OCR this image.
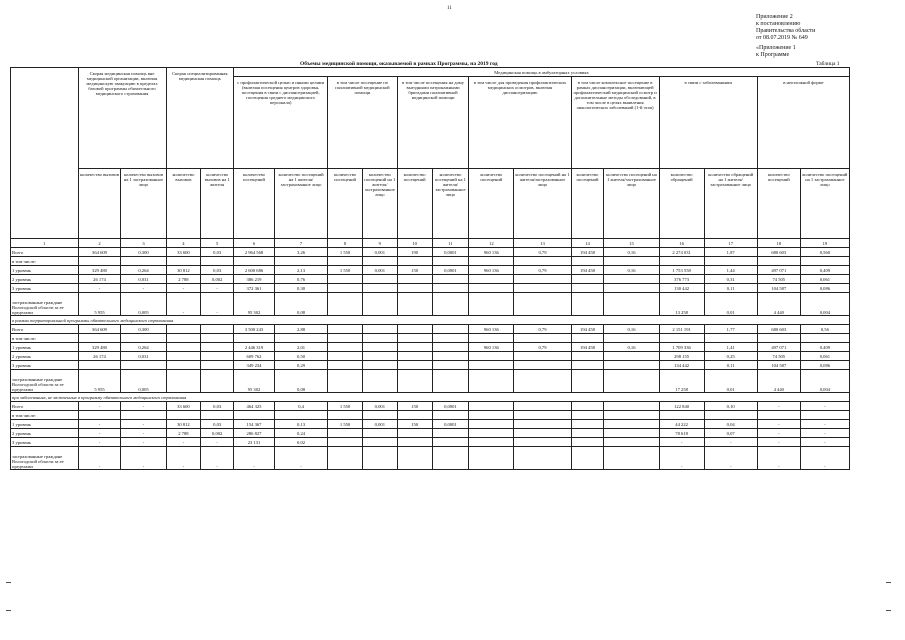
11
Приложение 2
к постановлению
Правительства области
от 08.07.2019 № 649
«Приложение 1
к Программе
Объемы медицинской помощи, оказываемой в рамках Программы, на 2019 год	Таблица 1
	Скорая медицинская помощь вне медицинской организации, включая медицинскую эвакуацию в пределах базовой программы обязательного медицинского страхования		Скорая специализированная медицинская помощь		Медицинская помощь в амбулаторных условиях													
					с профилактической целью и иными целями (включая посещения центров здоровья, посещения в связи с диспансеризацией, посещения среднего медицинского персонала)		в том числе посещение по паллиативной медицинской помощи		в том числе посещения на дому выездными патронажными бригадами паллиативной медицинской помощи		в том числе для проведения профилактических медицинских осмотров, включая диспансеризацию		в том числе комплексное посещение в рамках диспансеризации, включающей профилактический медицинский осмотр и дополнительные методы обследований, в том числе в целях выявления онкологических заболеваний (1-й этап)		в связи с заболеваниями		в неотложной форме	
	количество вызовов	количество вызовов на 1 застрахованное лицо	количество вызовов	количество вызовов на 1 жителя	количество посещений	количество посещений на 1 жителя/застрахованное лицо	количество посещений	количество посещений на 1 жителя/застрахованное лицо	количество посещений	количество посещений на 1 жителя/застрахованное лицо	количество посещений	количество посещений на 1 жителя/застрахованное лицо	количество посещений	количество посещений на 1 жителя/застрахованное лицо	количество обращений	количество обращений на 1 жителя/застрахованное лицо	количество посещений	количество посещений на 1 застрахованное лицо
1	2	3	4	5	6	7	8	9	10	11	12	13	14	15	16	17	18	19
Всего	364 609	0,300	33 600	0,03	2 964 568	3,26	1 550	0,001	190	0,0001	960 136	0,79	194 458	0,16	2 274 031	1,87	680 603	0,560
в том числе:																		
1 уровень	329 480	0,264	30 812	0,03	2 600 686	2,13	1 550	0,001	150	0,0001	960 136	0,79	194 458	0,16	1 753 558	1,44	497 071	0,409
2 уровень	26 174	0,031	2 788	0,002	386 219	0,76									376 773	0,31	74 505	0,061
3 уровень	-	-	-	-	372 361	0,30									130 442	0,11	104 587	0,086
застрахованные граждане Вологодской области за ее пределами	5 955	0,005	-	-	95 302	0,08									13 258	0,01	4 440	0,004
в рамках территориальной программы обязательного медицинского страхования																		
Всего	364 609	0,300			3 500 243	2,88					960 136	0,79	194 458	0,16	2 151 191	1,77	680 603	0,56
в том числе:																		
1 уровень	329 480	0,264			2 446 319	2,01					960 136	0,79	194 458	0,16	1 709 336	1,41	497 071	0,409
2 уровень	26 174	0,031			609 762	0,50									298 155	0,25	74 505	0,061
3 уровень					349 234	0,29									134 442	0,11	104 587	0,086
застрахованные граждане Вологодской области за ее пределами	5 955	0,005			95 302	0,08									17 258	0,01	4 440	0,004
при заболеваниях, не включенных в программу обязательного медицинского страхования																		
Всего	-	-	33 600	0,03	464 325	0,4	1 550	0,001	150	0,0001					122 840	0,10	-	-
в том числе:																		
1 уровень	-	-	30 812	0,03	154 367	0,13	1 550	0,001	150	0,0001					44 222	0,04	-	-
2 уровень	-	-	2 788	0,002	286 827	0,24									78 618	0,07	-	-
3 уровень	-	-	-	-	23 131	0,02									-	-	-	-
застрахованные граждане Вологодской области за ее пределами	-	-	-	-	-	-									-	-	-	-
